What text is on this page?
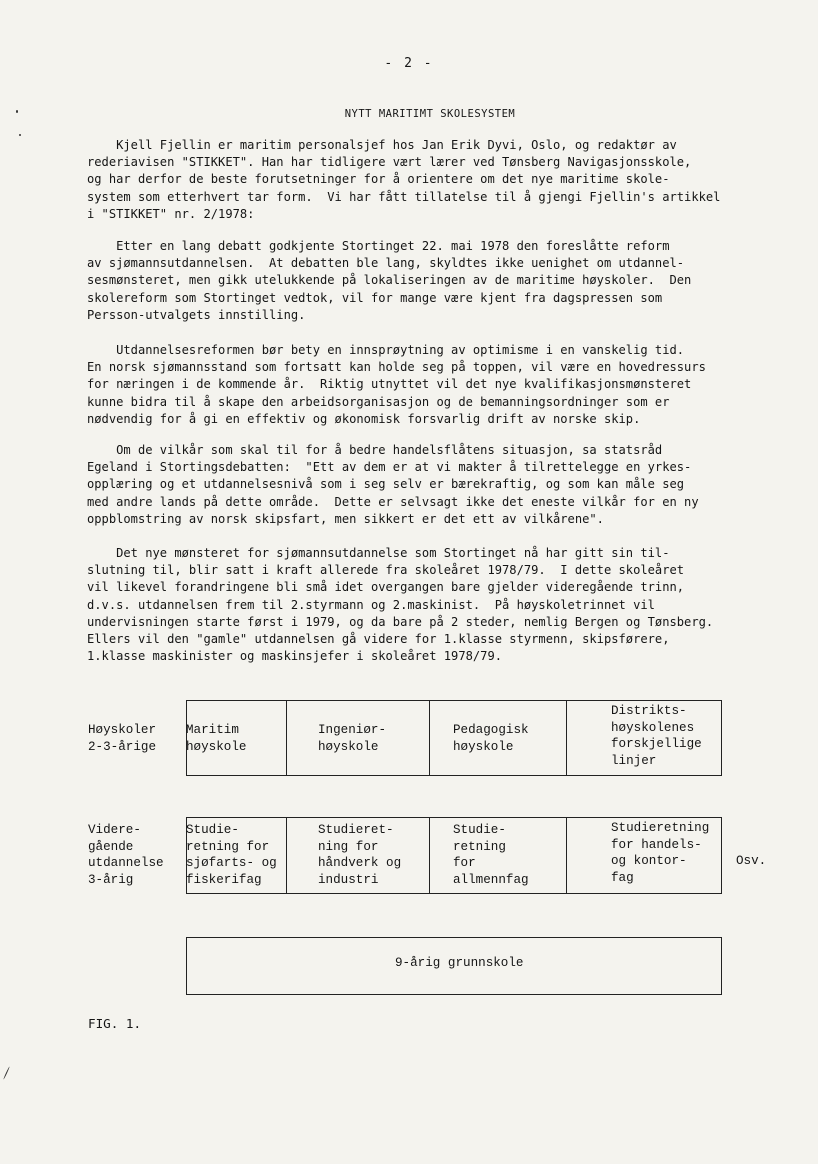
- 2 -
NYTT MARITIMT SKOLESYSTEM

Kjell Fjellin er maritim personalsjef hos Jan Erik Dyvi, Oslo, og redaktør av
rederiavisen "STIKKET". Han har tidligere vært lærer ved Tønsberg Navigasjonsskole,
og har derfor de beste forutsetninger for å orientere om det nye maritime skole-
system som etterhvert tar form.  Vi har fått tillatelse til å gjengi Fjellin's artikkel
i "STIKKET" nr. 2/1978:

Etter en lang debatt godkjente Stortinget 22. mai 1978 den foreslåtte reform
av sjømannsutdannelsen.  At debatten ble lang, skyldtes ikke uenighet om utdannel-
sesmønsteret, men gikk utelukkende på lokaliseringen av de maritime høyskoler.  Den
skolereform som Stortinget vedtok, vil for mange være kjent fra dagspressen som
Persson-utvalgets innstilling.

Utdannelsesreformen bør bety en innsprøytning av optimisme i en vanskelig tid.
En norsk sjømannsstand som fortsatt kan holde seg på toppen, vil være en hovedressurs
for næringen i de kommende år.  Riktig utnyttet vil det nye kvalifikasjonsmønsteret
kunne bidra til å skape den arbeidsorganisasjon og de bemanningsordninger som er
nødvendig for å gi en effektiv og økonomisk forsvarlig drift av norske skip.

Om de vilkår som skal til for å bedre handelsflåtens situasjon, sa statsråd
Egeland i Stortingsdebatten:  "Ett av dem er at vi makter å tilrettelegge en yrkes-
opplæring og et utdannelsesnivå som i seg selv er bærekraftig, og som kan måle seg
med andre lands på dette område.  Dette er selvsagt ikke det eneste vilkår for en ny
oppblomstring av norsk skipsfart, men sikkert er det ett av vilkårene".

Det nye mønsteret for sjømannsutdannelse som Stortinget nå har gitt sin til-
slutning til, blir satt i kraft allerede fra skoleåret 1978/79.  I dette skoleåret
vil likevel forandringene bli små idet overgangen bare gjelder videregående trinn,
d.v.s. utdannelsen frem til 2.styrmann og 2.maskinist.  På høyskoletrinnet vil
undervisningen starte først i 1979, og da bare på 2 steder, nemlig Bergen og Tønsberg.
Ellers vil den "gamle" utdannelsen gå videre for 1.klasse styrmenn, skipsførere,
1.klasse maskinister og maskinsjefer i skoleåret 1978/79.

Høyskoler
2-3-årige
Maritim
høyskole
Ingeniør-
høyskole
Pedagogisk
høyskole
Distrikts-
høyskolenes
forskjellige
linjer
Videre-
gående
utdannelse
3-årig
Studie-
retning for
sjøfarts- og
fiskerifag
Studieret-
ning for
håndverk og
industri
Studie-
retning
for
allmennfag
Studieretning
for handels-
og kontor-
fag
Osv.
9-årig grunnskole
FIG. 1.
